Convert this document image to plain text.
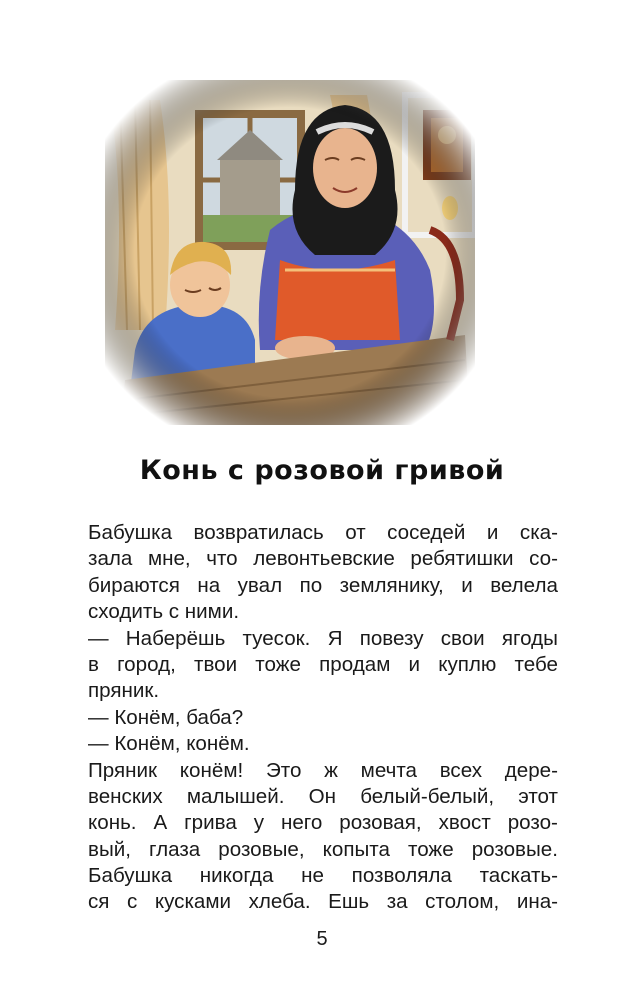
Конь с розовой гривой
Бабушка возвратилась от соседей и ска-
зала мне, что левонтьевские ребятишки со-
бираются на увал по землянику, и велела
сходить с ними.
— Наберёшь туесок. Я повезу свои ягоды
в город, твои тоже продам и куплю тебе
пряник.
— Конём, баба?
— Конём, конём.
Пряник конём! Это ж мечта всех дере-
венских малышей. Он белый-белый, этот
конь. А грива у него розовая, хвост розо-
вый, глаза розовые, копыта тоже розовые.
Бабушка никогда не позволяла таскать-
ся с кусками хлеба. Ешь за столом, ина-
5
